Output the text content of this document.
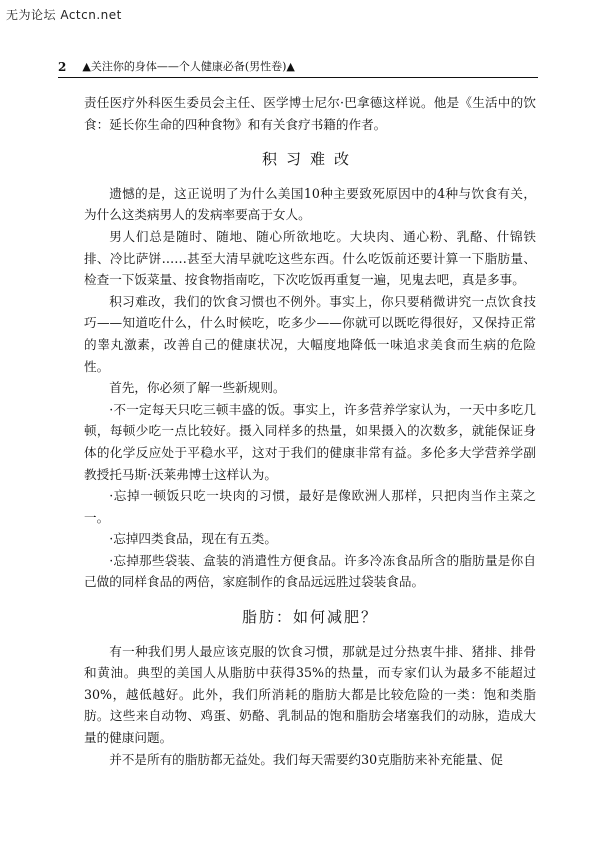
无为论坛 Actcn.net
2 ▲关注你的身体——个人健康必备(男性卷)▲

责任医疗外科医生委员会主任、医学博士尼尔·巴拿德这样说。他是《生活中的饮食：延长你生命的四种食物》和有关食疗书籍的作者。

积习难改

遗憾的是，这正说明了为什么美国10种主要致死原因中的4种与饮食有关，为什么这类病男人的发病率要高于女人。

男人们总是随时、随地、随心所欲地吃。大块肉、通心粉、乳酪、什锦铁排、冷比萨饼……甚至大清早就吃这些东西。什么吃饭前还要计算一下脂肪量、检查一下饭菜量、按食物指南吃，下次吃饭再重复一遍，见鬼去吧，真是多事。

积习难改，我们的饮食习惯也不例外。事实上，你只要稍微讲究一点饮食技巧——知道吃什么，什么时候吃，吃多少——你就可以既吃得很好，又保持正常的睾丸激素，改善自己的健康状况，大幅度地降低一味追求美食而生病的危险性。

首先，你必须了解一些新规则。

·不一定每天只吃三顿丰盛的饭。事实上，许多营养学家认为，一天中多吃几顿，每顿少吃一点比较好。摄入同样多的热量，如果摄入的次数多，就能保证身体的化学反应处于平稳水平，这对于我们的健康非常有益。多伦多大学营养学副教授托马斯·沃莱弗博士这样认为。

·忘掉一顿饭只吃一块肉的习惯，最好是像欧洲人那样，只把肉当作主菜之一。

·忘掉四类食品，现在有五类。

·忘掉那些袋装、盒装的消遣性方便食品。许多冷冻食品所含的脂肪量是你自己做的同样食品的两倍，家庭制作的食品远远胜过袋装食品。

脂肪：如何减肥？

有一种我们男人最应该克服的饮食习惯，那就是过分热衷牛排、猪排、排骨和黄油。典型的美国人从脂肪中获得35%的热量，而专家们认为最多不能超过30%，越低越好。此外，我们所消耗的脂肪大都是比较危险的一类：饱和类脂肪。这些来自动物、鸡蛋、奶酪、乳制品的饱和脂肪会堵塞我们的动脉，造成大量的健康问题。

并不是所有的脂肪都无益处。我们每天需要约30克脂肪来补充能量、促
